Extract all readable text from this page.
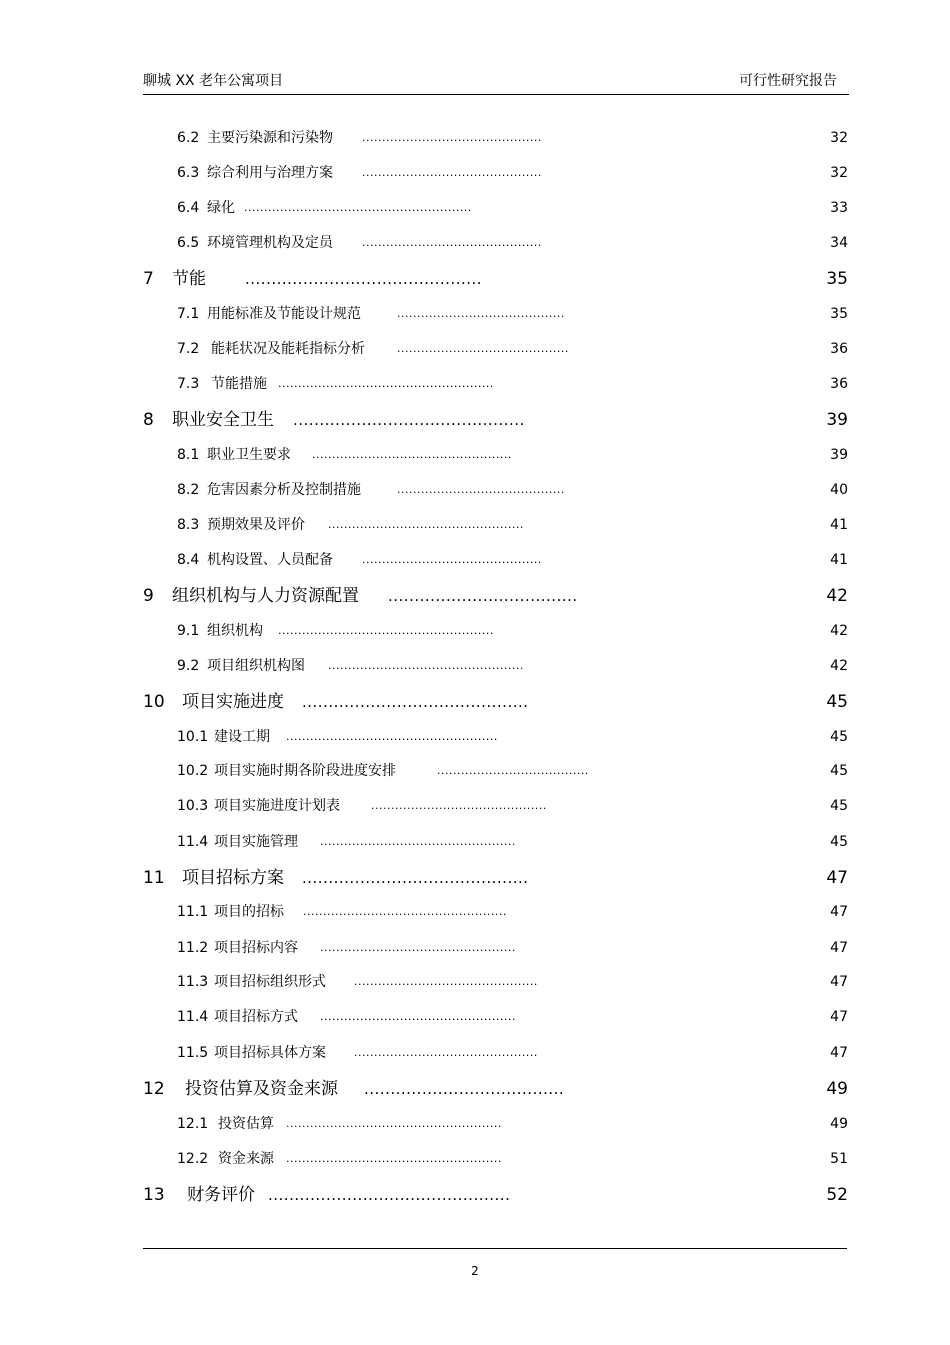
聊城 XX 老年公寓项目	可行性研究报告
6.2 主要污染源和污染物	.............................................	32
6.3 综合利用与治理方案	.............................................	32
6.4 绿化 .........................................................	33
6.5 环境管理机构及定员	.............................................	34
7 节能	.............................................	35
7.1 用能标准及节能设计规范	..........................................	35
7.2 能耗状况及能耗指标分析	...........................................	36
7.3 节能措施 ......................................................	36
8 职业安全卫生 ............................................	39
8.1 职业卫生要求 ..................................................	39
8.2 危害因素分析及控制措施	..........................................	40
8.3 预期效果及评价 .................................................	41
8.4 机构设置、人员配备	.............................................	41
9 组织机构与人力资源配置 ....................................	42
9.1 组织机构 ......................................................	42
9.2 项目组织机构图 .................................................	42
10 项目实施进度 ...........................................	45
10.1 建设工期 .....................................................	45
10.2 项目实施时期各阶段进度安排	......................................	45
10.3 项目实施进度计划表	............................................	45
11.4 项目实施管理 .................................................	45
11 项目招标方案 ...........................................	47
11.1 项目的招标 ...................................................	47
11.2 项目招标内容 .................................................	47
11.3 项目招标组织形式	..............................................	47
11.4 项目招标方式 .................................................	47
11.5 项目招标具体方案	..............................................	47
12 投资估算及资金来源 ......................................	49
12.1 投资估算 ......................................................	49
12.2 资金来源 ......................................................	51
13 财务评价 ..............................................	52
2
